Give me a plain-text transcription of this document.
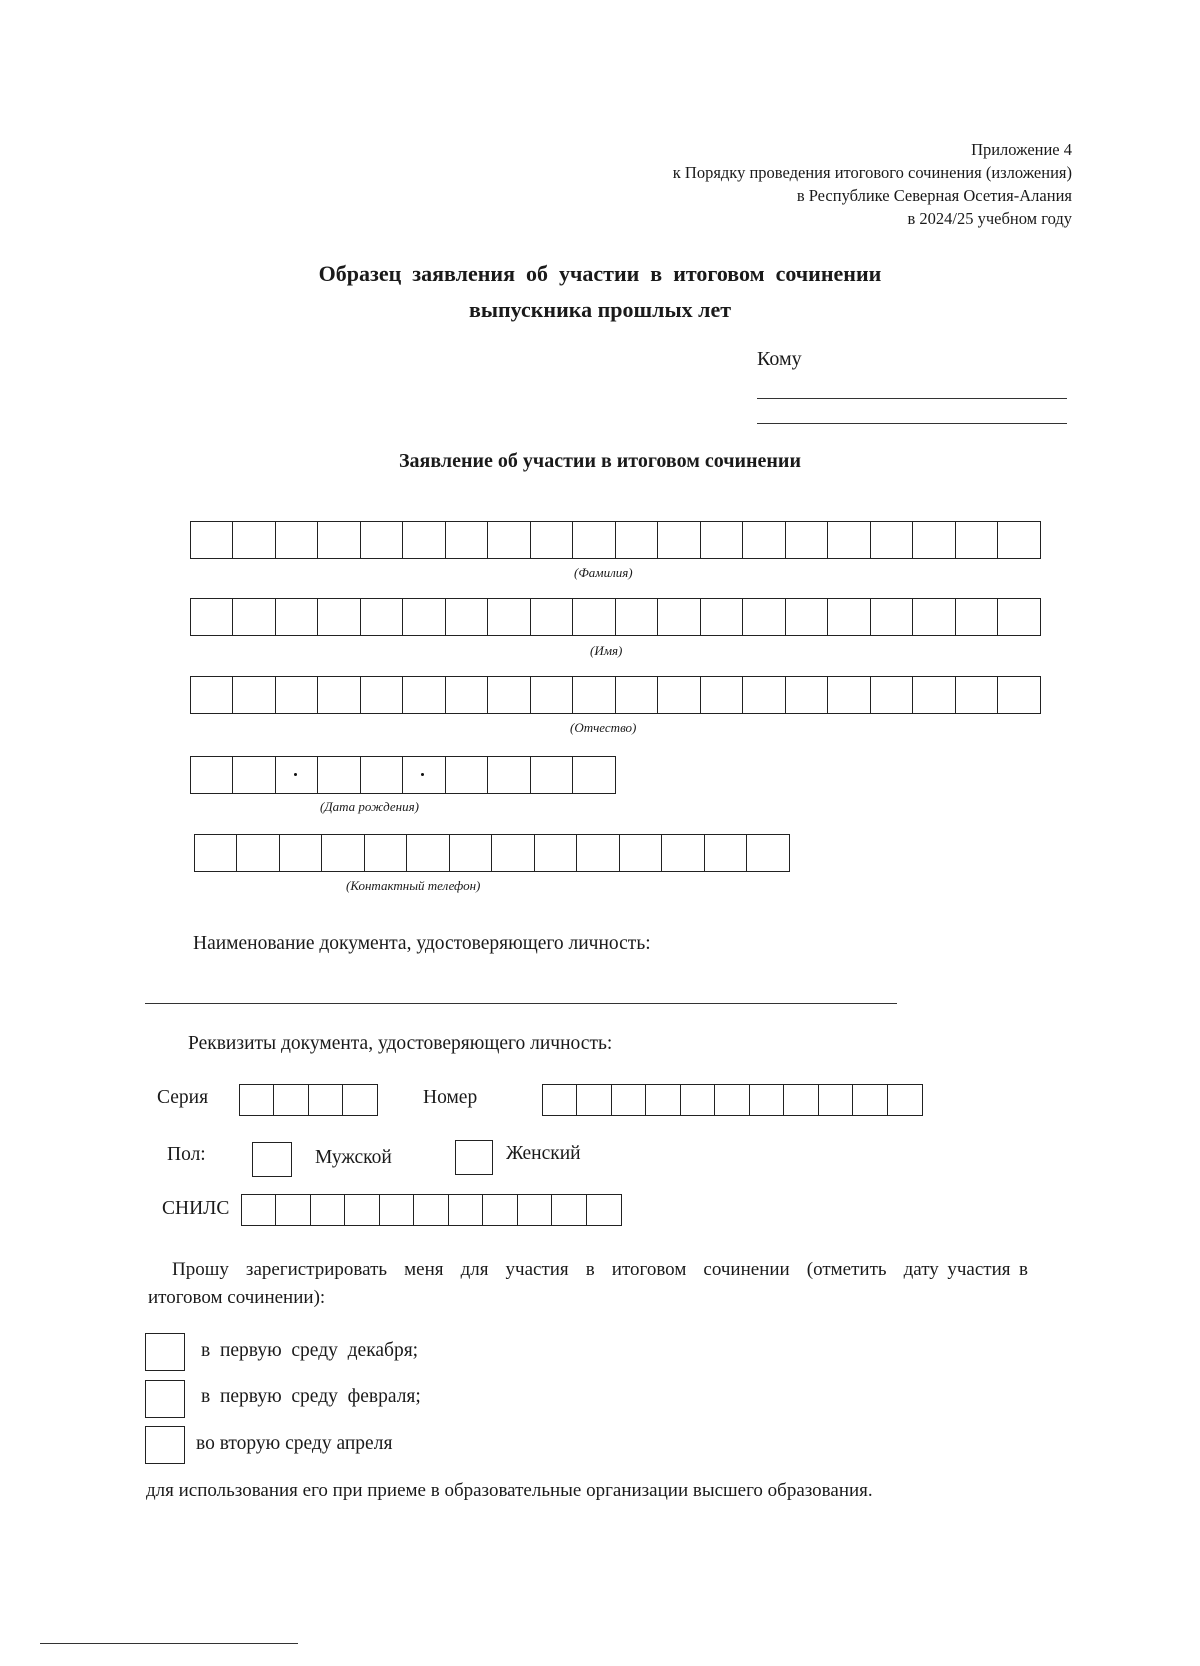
Приложение 4
к Порядку проведения итогового сочинения (изложения)
в Республике Северная Осетия-Алания
в 2024/25 учебном году
Образец  заявления  об  участии  в  итоговом  сочинении
выпускника прошлых лет
Кому
Заявление об участии в итоговом сочинении
(Фамилия)
(Имя)
(Отчество)
(Дата рождения)
(Контактный телефон)
Наименование документа, удостоверяющего личность:
Реквизиты документа, удостоверяющего личность:
Серия	Номер
Пол:	Мужской	Женский
СНИЛС
Прошу  зарегистрировать  меня  для  участия  в  итоговом  сочинении  (отметить  дату участия в итоговом сочинении):
в  первую  среду  декабря;
в  первую  среду  февраля;
во вторую среду апреля
для использования его при приеме в образовательные организации высшего образования.
